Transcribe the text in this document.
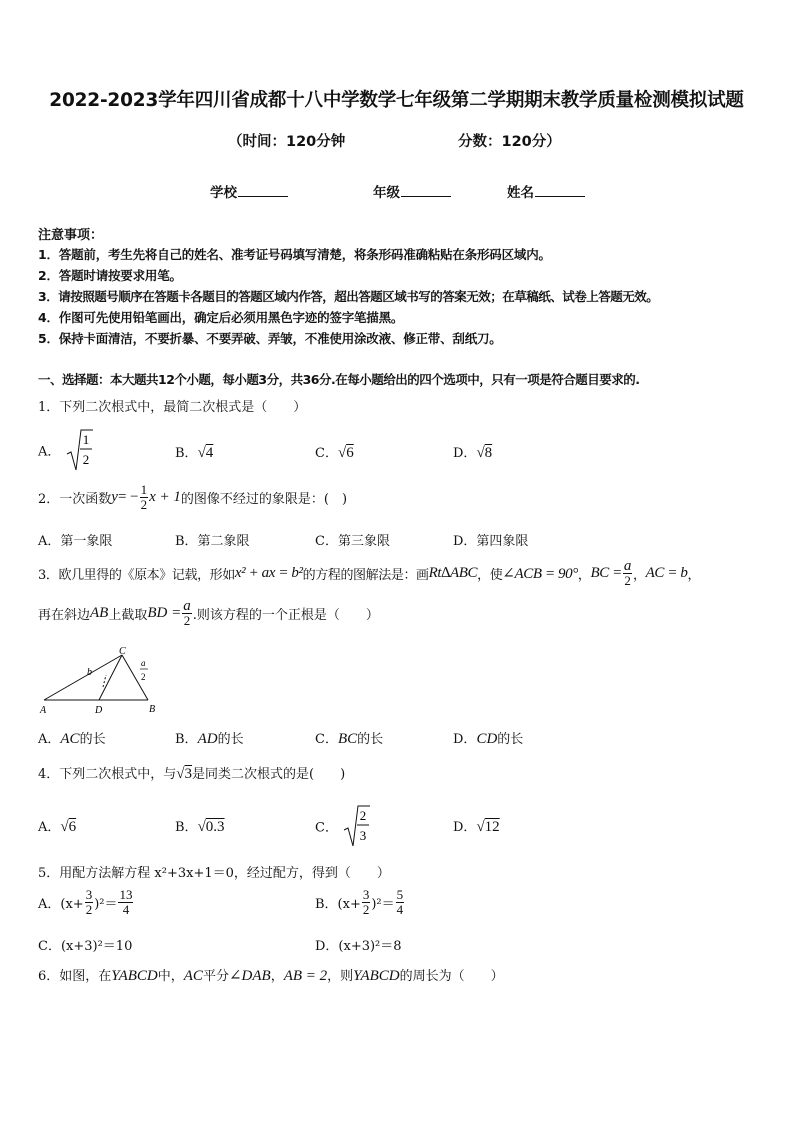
2022-2023学年四川省成都十八中学数学七年级第二学期期末教学质量检测模拟试题
（时间：120分钟	分数：120分）
学校	年级	姓名
注意事项：
1．答题前，考生先将自己的姓名、准考证号码填写清楚，将条形码准确粘贴在条形码区域内。
2．答题时请按要求用笔。
3．请按照题号顺序在答题卡各题目的答题区域内作答，超出答题区域书写的答案无效；在草稿纸、试卷上答题无效。
4．作图可先使用铅笔画出，确定后必须用黑色字迹的签字笔描黑。
5．保持卡面清洁，不要折暴、不要弄破、弄皱，不准使用涂改液、修正带、刮纸刀。
一、选择题：本大题共12个小题，每小题3分，共36分.在每小题给出的四个选项中，只有一项是符合题目要求的.
1．下列二次根式中，最简二次根式是（　　）
A．
1
2	B．√4	C．√6	D．√8
2．一次函数$y= - \frac{1}{2}$ x + 1的图像不经过的象限是：(　)
A．第一象限	B．第二象限	C．第三象限	D．第四象限
3．欧几里得的《原本》记载，形如x² + ax = b²的方程的图解法是：画Rt∆ABC，使∠ACB = 90°，BC = $\frac{a}{2}$ ，AC = b，
再在斜边AB上截取BD = $\frac{a}{2}$ .则该方程的一个正根是（　　）
A	B
C
D
b
a
2
A．AC的长	B．AD的长	C．BC的长	D．CD的长
4．下列二次根式中，与√3是同类二次根式的是(　　)
A．√6	B．√0.3	C．
2
3
D．√12
5．用配方法解方程 x²+3x+1＝0，经过配方，得到（　　）
A．$(x+ \frac{3}{2} )^2= \frac{13}{4}$	B．$(x+ \frac{3}{2} )^2= \frac{5}{4}$
C．(x+3)²＝10	D．(x+3)²＝8
6．如图，在YABCD中，AC平分∠DAB，AB = 2，则YABCD的周长为（　　）
